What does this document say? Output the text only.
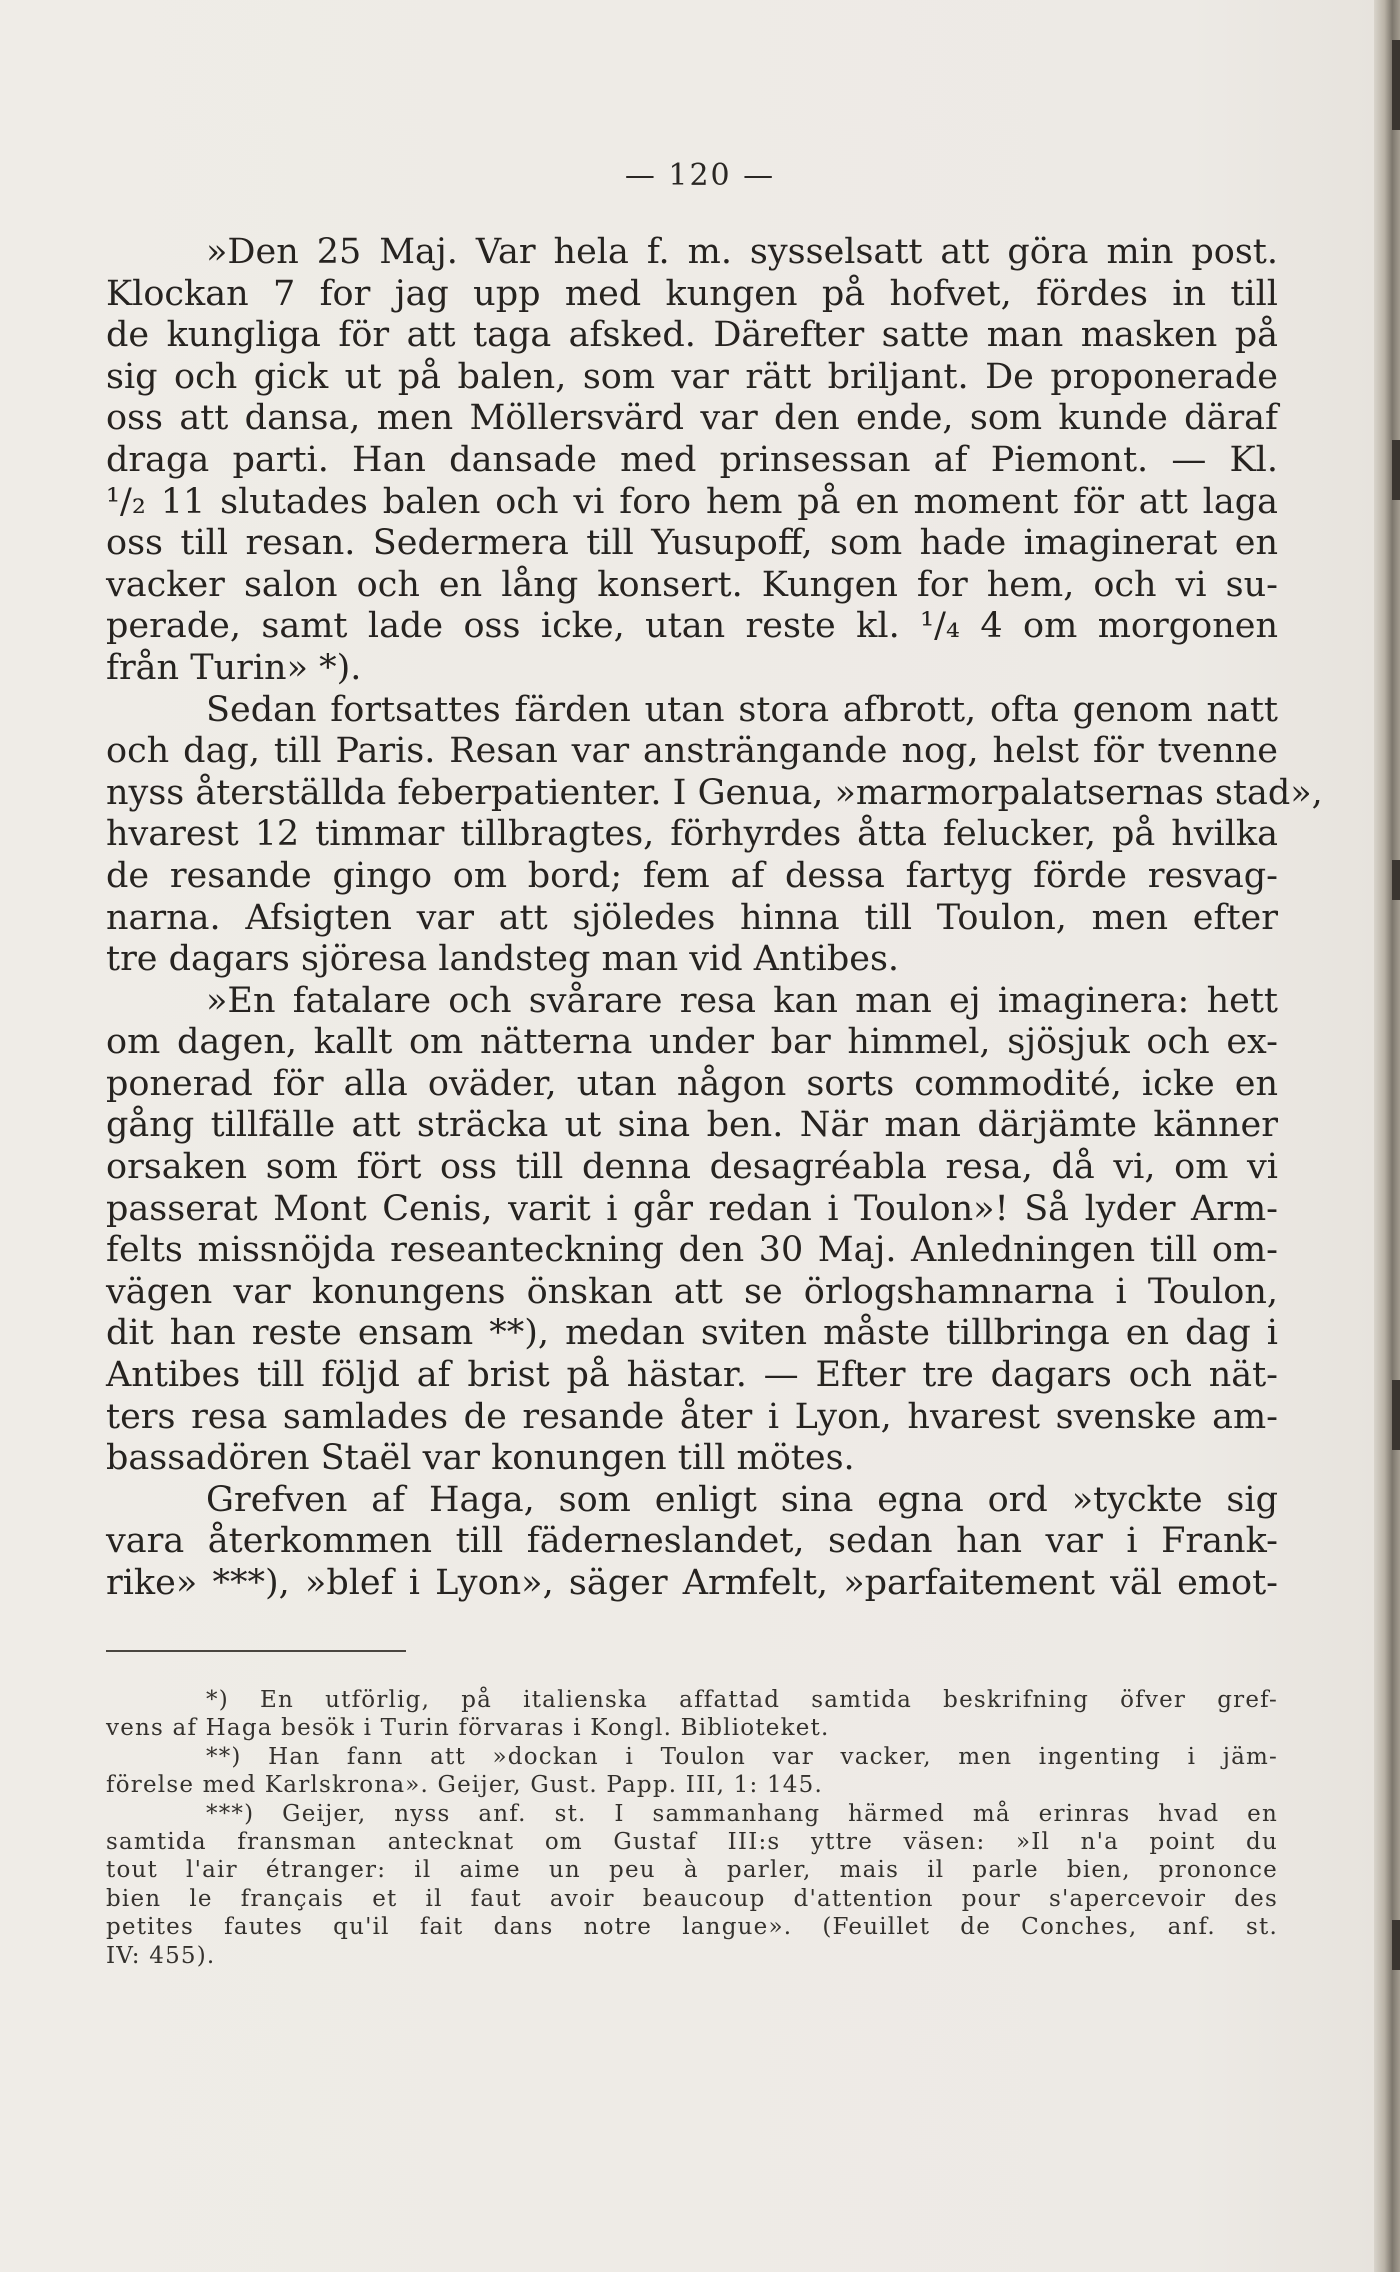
— 120 —
»Den 25 Maj. Var hela f. m. sysselsatt att göra min post.
Klockan 7 for jag upp med kungen på hofvet, fördes in till
de kungliga för att taga afsked. Därefter satte man masken på
sig och gick ut på balen, som var rätt briljant. De proponerade
oss att dansa, men Möllersvärd var den ende, som kunde däraf
draga parti. Han dansade med prinsessan af Piemont. — Kl.
¹/₂ 11 slutades balen och vi foro hem på en moment för att laga
oss till resan. Sedermera till Yusupoff, som hade imaginerat en
vacker salon och en lång konsert. Kungen for hem, och vi su-
perade, samt lade oss icke, utan reste kl. ¹/₄ 4 om morgonen
från Turin» *).
Sedan fortsattes färden utan stora afbrott, ofta genom natt
och dag, till Paris. Resan var ansträngande nog, helst för tvenne
nyss återställda feberpatienter. I Genua, »marmorpalatsernas stad»,
hvarest 12 timmar tillbragtes, förhyrdes åtta felucker, på hvilka
de resande gingo om bord; fem af dessa fartyg förde resvag-
narna. Afsigten var att sjöledes hinna till Toulon, men efter
tre dagars sjöresa landsteg man vid Antibes.
»En fatalare och svårare resa kan man ej imaginera: hett
om dagen, kallt om nätterna under bar himmel, sjösjuk och ex-
ponerad för alla oväder, utan någon sorts commodité, icke en
gång tillfälle att sträcka ut sina ben. När man därjämte känner
orsaken som fört oss till denna desagréabla resa, då vi, om vi
passerat Mont Cenis, varit i går redan i Toulon»! Så lyder Arm-
felts missnöjda reseanteckning den 30 Maj. Anledningen till om-
vägen var konungens önskan att se örlogshamnarna i Toulon,
dit han reste ensam **), medan sviten måste tillbringa en dag i
Antibes till följd af brist på hästar. — Efter tre dagars och nät-
ters resa samlades de resande åter i Lyon, hvarest svenske am-
bassadören Staël var konungen till mötes.
Grefven af Haga, som enligt sina egna ord »tyckte sig
vara återkommen till fäderneslandet, sedan han var i Frank-
rike» ***), »blef i Lyon», säger Armfelt, »parfaitement väl emot-
*) En utförlig, på italienska affattad samtida beskrifning öfver gref-
vens af Haga besök i Turin förvaras i Kongl. Biblioteket.
**) Han fann att »dockan i Toulon var vacker, men ingenting i jäm-
förelse med Karlskrona». Geijer, Gust. Papp. III, 1: 145.
***) Geijer, nyss anf. st. I sammanhang härmed må erinras hvad en
samtida fransman antecknat om Gustaf III:s yttre väsen: »Il n'a point du
tout l'air étranger: il aime un peu à parler, mais il parle bien, prononce
bien le français et il faut avoir beaucoup d'attention pour s'apercevoir des
petites fautes qu'il fait dans notre langue». (Feuillet de Conches, anf. st.
IV: 455).
